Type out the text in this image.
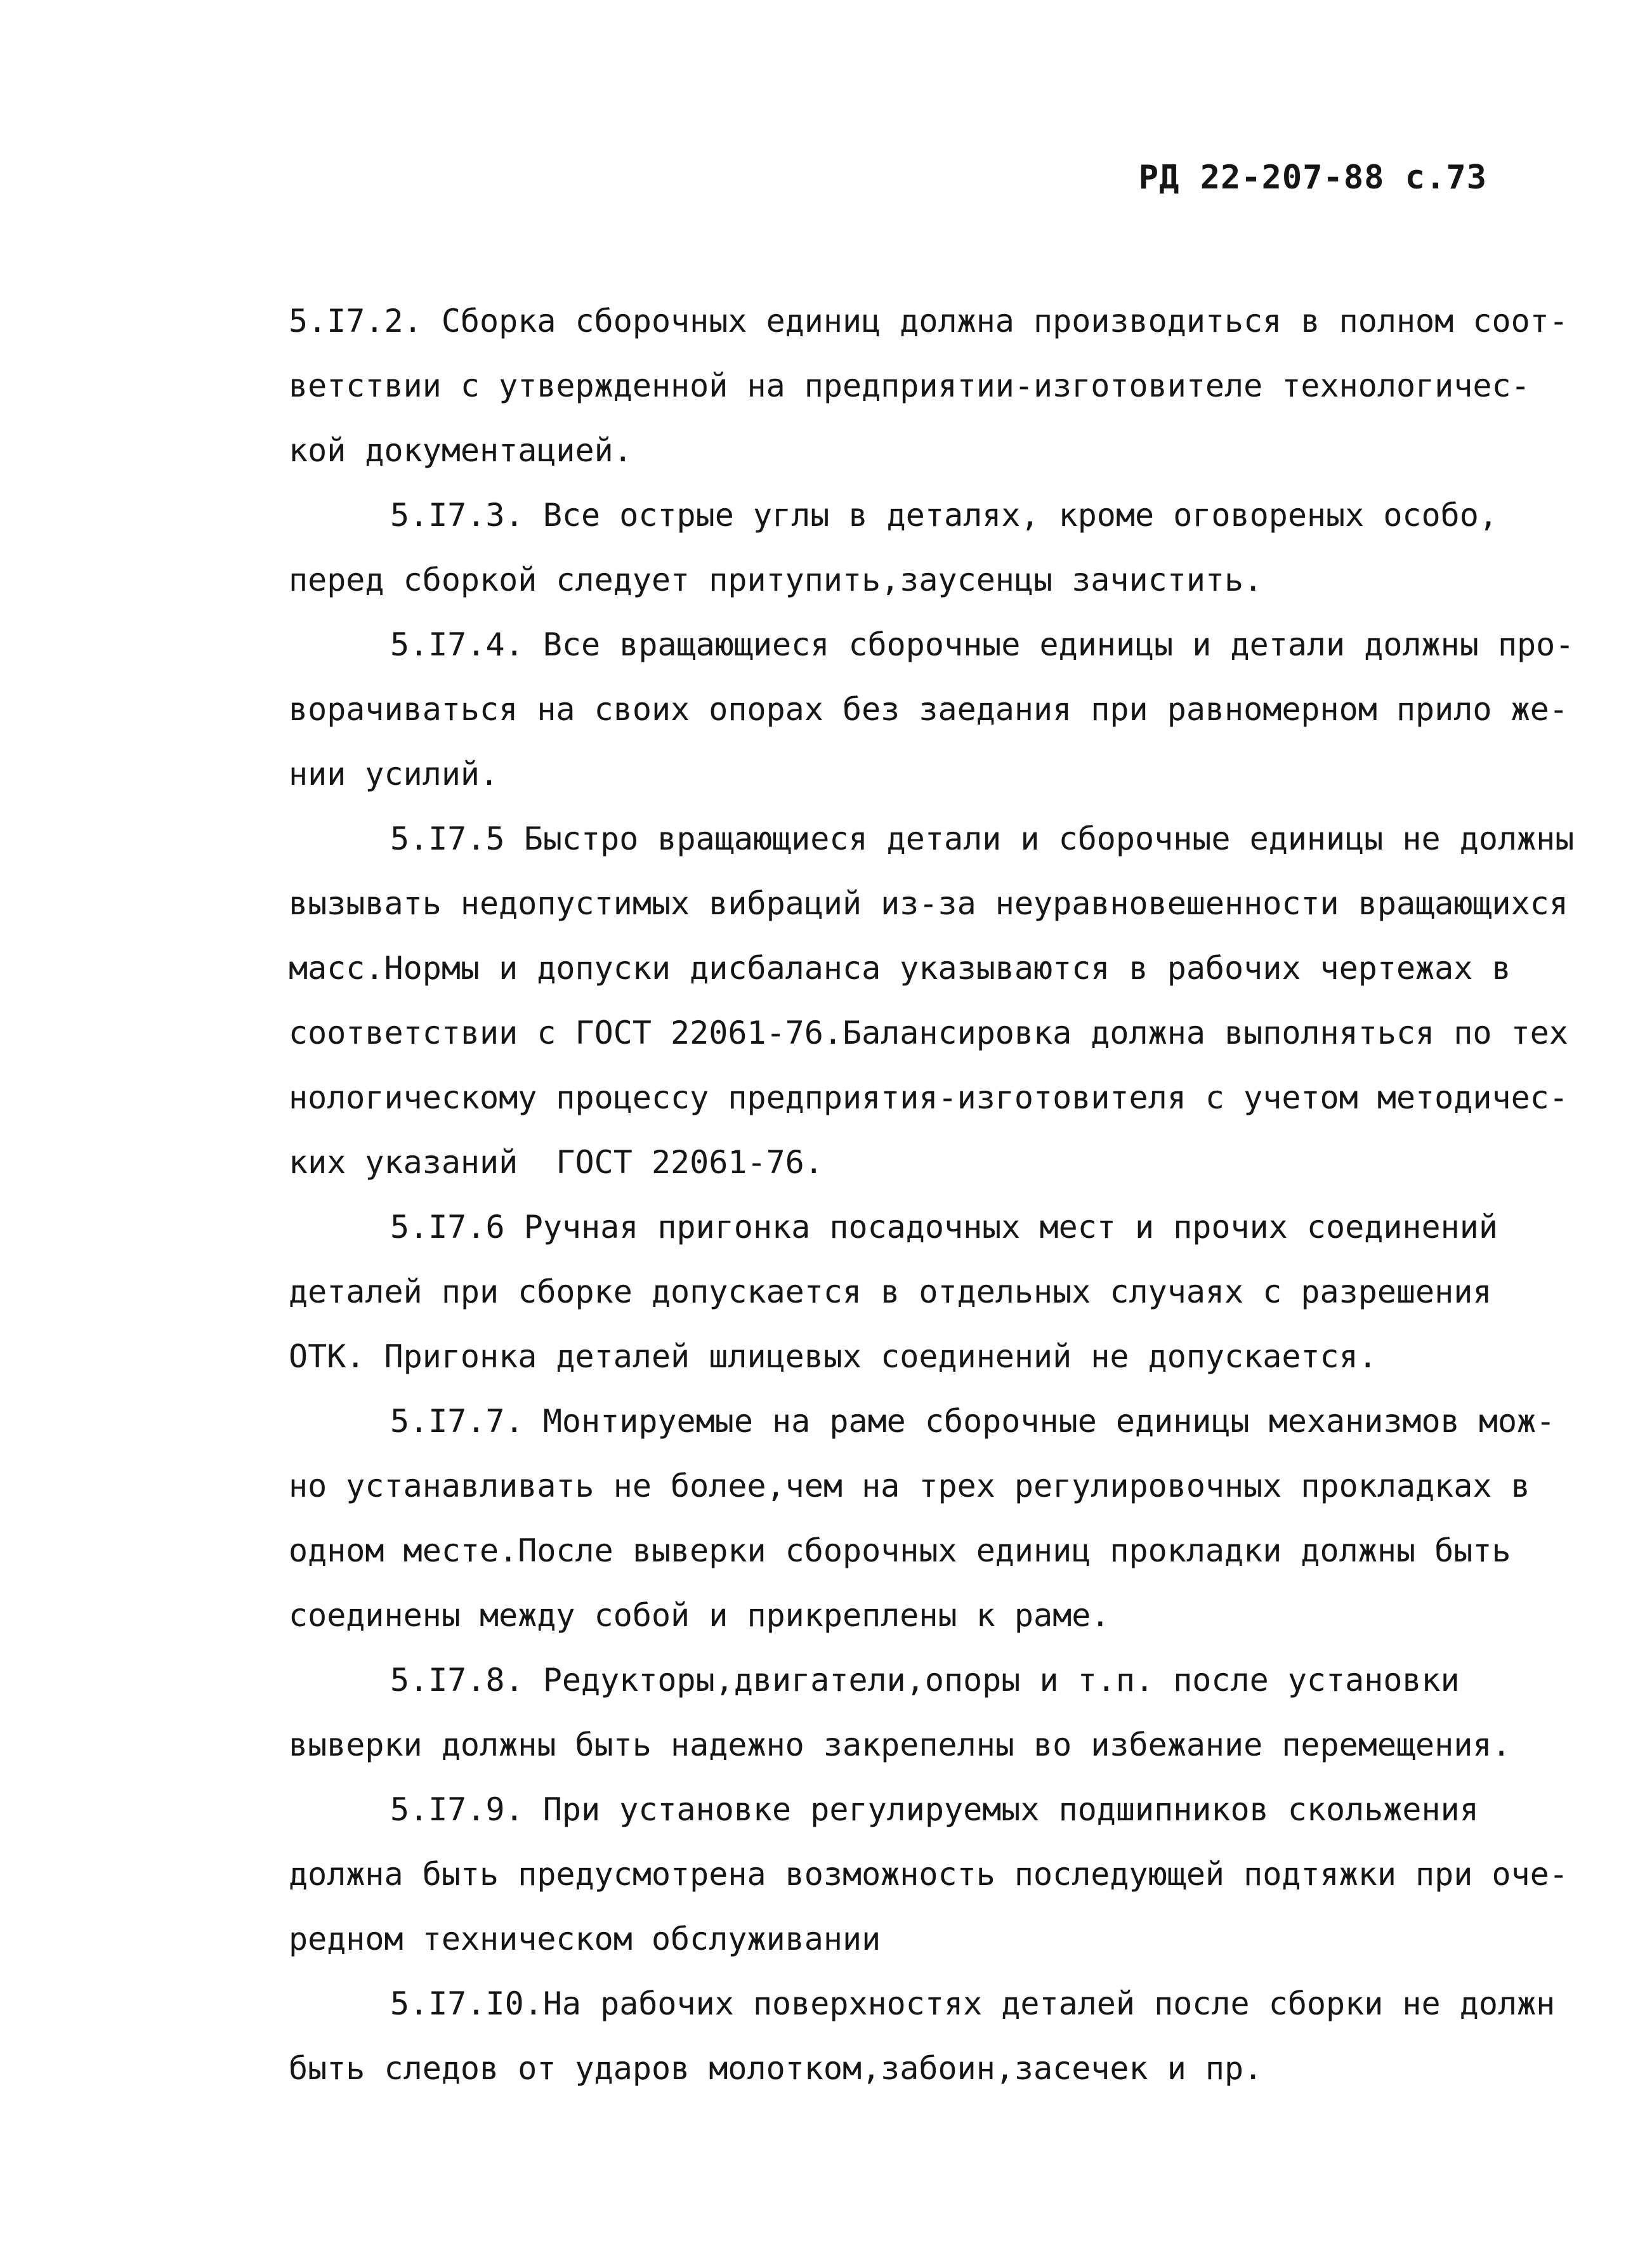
РД 22-207-88 с.73
5.I7.2. Сборка сборочных единиц должна производиться в полном соот-
ветствии с утвержденной на предприятии-изготовителе технологичес-
кой документацией.
5.I7.3. Все острые углы в деталях, кроме оговореных особо,
перед сборкой следует притупить,заусенцы зачистить.
5.I7.4. Все вращающиеся сборочные единицы и детали должны про-
ворачиваться на своих опорах без заедания при равномерном прило же-
нии усилий.
5.I7.5 Быстро вращающиеся детали и сборочные единицы не должны
вызывать недопустимых вибраций из-за неуравновешенности вращающихся
масс.Нормы и допуски дисбаланса указываются в рабочих чертежах в
соответствии с ГОСТ 22061-76.Балансировка должна выполняться по тех
нологическому процессу предприятия-изготовителя с учетом методичес-
ких указаний  ГОСТ 22061-76.
5.I7.6 Ручная пригонка посадочных мест и прочих соединений
деталей при сборке допускается в отдельных случаях с разрешения
ОТК. Пригонка деталей шлицевых соединений не допускается.
5.I7.7. Монтируемые на раме сборочные единицы механизмов мож-
но устанавливать не более,чем на трех регулировочных прокладках в
одном месте.После выверки сборочных единиц прокладки должны быть
соединены между собой и прикреплены к раме.
5.I7.8. Редукторы,двигатели,опоры и т.п. после установки
выверки должны быть надежно закрепелны во избежание перемещения.
5.I7.9. При установке регулируемых подшипников скольжения
должна быть предусмотрена возможность последующей подтяжки при оче-
редном техническом обслуживании
5.I7.I0.На рабочих поверхностях деталей после сборки не должн
быть следов от ударов молотком,забоин,засечек и пр.
